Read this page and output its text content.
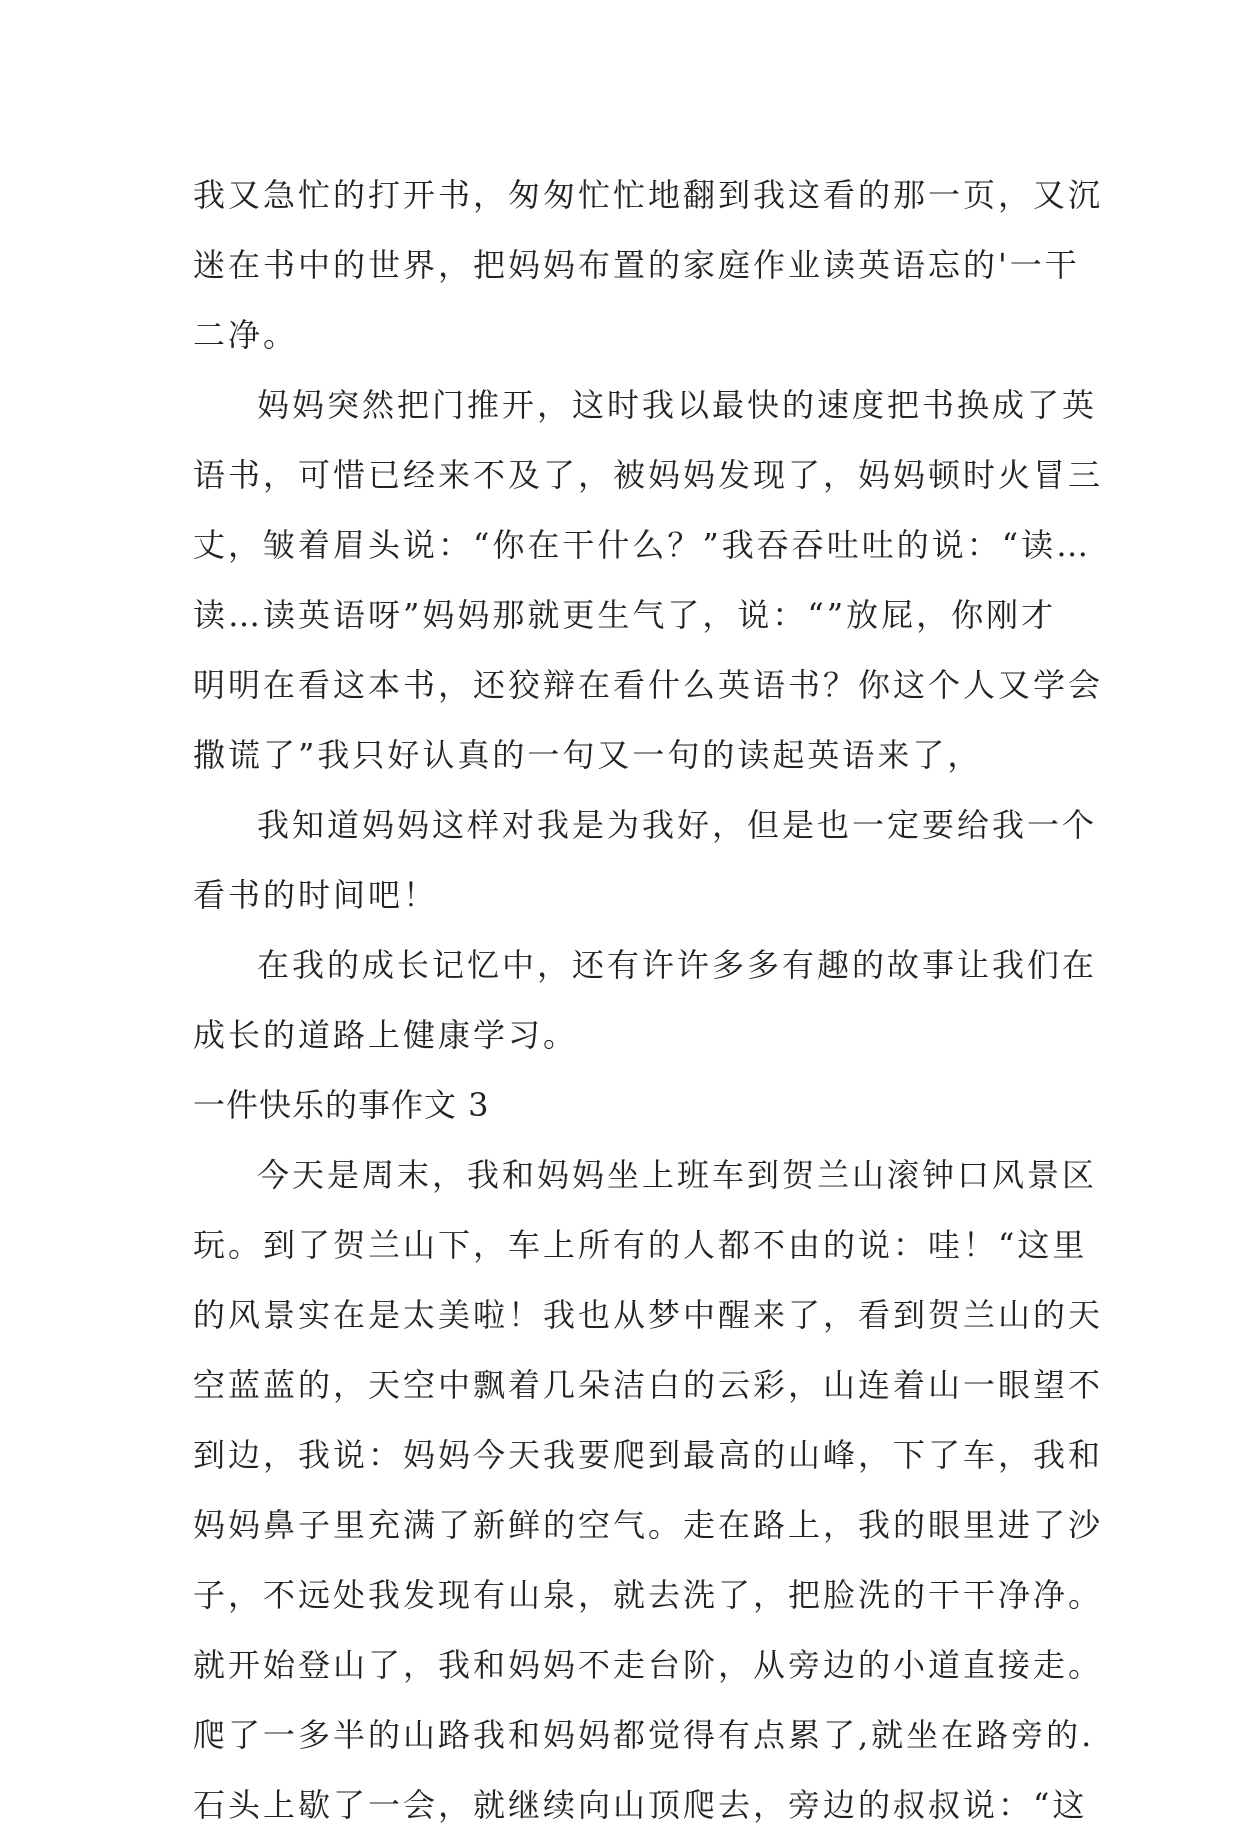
我又急忙的打开书，匆匆忙忙地翻到我这看的那一页，又沉
迷在书中的世界，把妈妈布置的家庭作业读英语忘的'一干
二净。
妈妈突然把门推开，这时我以最快的速度把书换成了英
语书，可惜已经来不及了，被妈妈发现了，妈妈顿时火冒三
丈，皱着眉头说：“你在干什么？”我吞吞吐吐的说：“读…
读…读英语呀”妈妈那就更生气了，说：“”放屁，你刚才
明明在看这本书，还狡辩在看什么英语书？你这个人又学会
撒谎了”我只好认真的一句又一句的读起英语来了，
我知道妈妈这样对我是为我好，但是也一定要给我一个
看书的时间吧！
在我的成长记忆中，还有许许多多有趣的故事让我们在
成长的道路上健康学习。
一件快乐的事作文 3
今天是周末，我和妈妈坐上班车到贺兰山滚钟口风景区
玩。到了贺兰山下，车上所有的人都不由的说：哇！“这里
的风景实在是太美啦！我也从梦中醒来了，看到贺兰山的天
空蓝蓝的，天空中飘着几朵洁白的云彩，山连着山一眼望不
到边，我说：妈妈今天我要爬到最高的山峰，下了车，我和
妈妈鼻子里充满了新鲜的空气。走在路上，我的眼里进了沙
子，不远处我发现有山泉，就去洗了，把脸洗的干干净净。
就开始登山了，我和妈妈不走台阶，从旁边的小道直接走。
爬了一多半的山路我和妈妈都觉得有点累了,就坐在路旁的.
石头上歇了一会，就继续向山顶爬去，旁边的叔叔说：“这
